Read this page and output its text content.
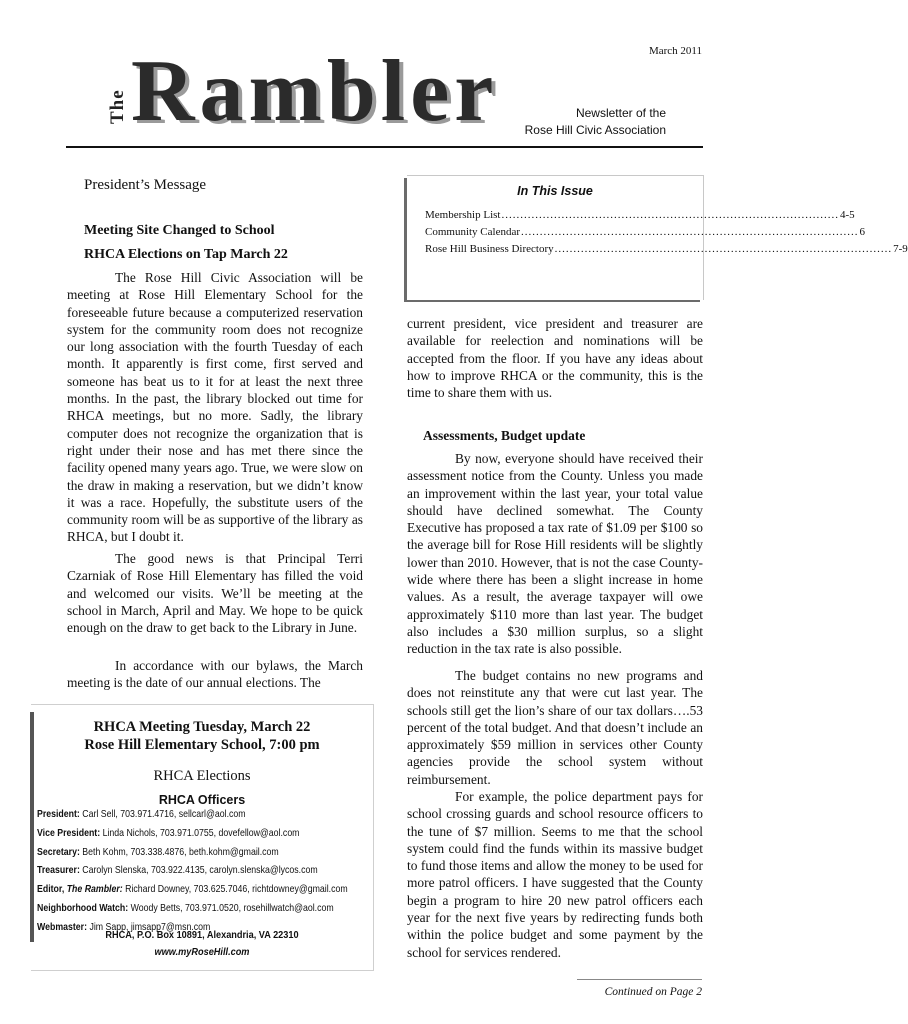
March 2011
The Rambler	Newsletter of the
Rose Hill Civic Association
President’s Message
Meeting Site Changed to School
RHCA Elections on Tap March 22
The Rose Hill Civic Association will be meeting at Rose Hill Elementary School for the foreseeable future because a computerized reservation system for the community room does not recognize our long association with the fourth Tuesday of each month. It apparently is first come, first served and someone has beat us to it for at least the next three months. In the past, the library blocked out time for RHCA meetings, but no more. Sadly, the library computer does not recognize the organization that is right under their nose and has met there since the facility opened many years ago. True, we were slow on the draw in making a reservation, but we didn’t know it was a race. Hopefully, the substitute users of the community room will be as supportive of the library as RHCA, but I doubt it.
The good news is that Principal Terri Czarniak of Rose Hill Elementary has filled the void and welcomed our visits. We’ll be meeting at the school in March, April and May. We hope to be quick enough on the draw to get back to the Library in June.
In accordance with our bylaws, the March meeting is the date of our annual elections. The
In This Issue
Membership List .......................................................................................... 4-5
Community Calendar .......................................................................................... 6
Rose Hill Business Directory .......................................................................................... 7-9
current president, vice president and treasurer are available for reelection and nominations will be accepted from the floor. If you have any ideas about how to improve RHCA or the community, this is the time to share them with us.
Assessments, Budget update
By now, everyone should have received their assessment notice from the County. Unless you made an improvement within the last year, your total value should have declined somewhat. The County Executive has proposed a tax rate of $1.09 per $100 so the average bill for Rose Hill residents will be slightly lower than 2010. However, that is not the case County-wide where there has been a slight increase in home values. As a result, the average taxpayer will owe approximately $110 more than last year. The budget also includes a $30 million surplus, so a slight reduction in the tax rate is also possible.
The budget contains no new programs and does not reinstitute any that were cut last year. The schools still get the lion’s share of our tax dollars….53 percent of the total budget. And that doesn’t include an approximately $59 million in services other County agencies provide the school system without reimbursement.
For example, the police department pays for school crossing guards and school resource officers to the tune of $7 million. Seems to me that the school system could find the funds within its massive budget to fund those items and allow the money to be used for more patrol officers. I have suggested that the County begin a program to hire 20 new patrol officers each year for the next five years by redirecting funds both within the police budget and some payment by the school for services rendered.
RHCA Meeting Tuesday, March 22
Rose Hill Elementary School, 7:00 pm
RHCA Elections
RHCA Officers
President: Carl Sell, 703.971.4716, sellcarl@aol.com
Vice President: Linda Nichols, 703.971.0755, dovefellow@aol.com
Secretary: Beth Kohm, 703.338.4876, beth.kohm@gmail.com
Treasurer: Carolyn Slenska, 703.922.4135, carolyn.slenska@lycos.com
Editor, The Rambler: Richard Downey, 703.625.7046, richtdowney@gmail.com
Neighborhood Watch: Woody Betts, 703.971.0520, rosehillwatch@aol.com
Webmaster: Jim Sapp, jimsapp7@msn.com
RHCA, P.O. Box 10891, Alexandria, VA 22310
www.myRoseHill.com
Continued on Page 2
